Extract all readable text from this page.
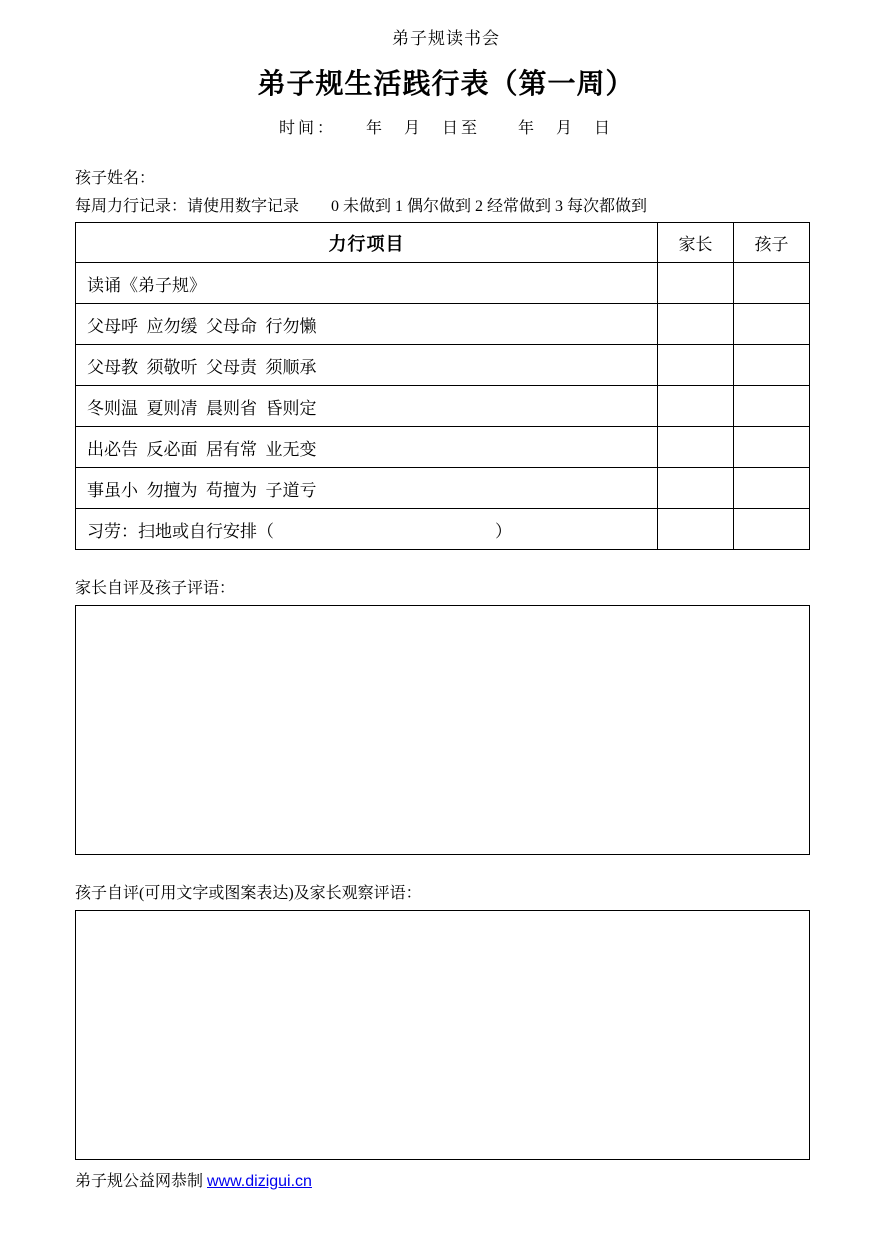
弟子规读书会
弟子规生活践行表（第一周）
时间：　　年　月　日至　　年　月　日
孩子姓名：
每周力行记录：请使用数字记录　　0 未做到 1 偶尔做到 2 经常做到 3 每次都做到
力行项目	家长	孩子
读诵《弟子规》		
父母呼  应勿缓  父母命  行勿懒		
父母教  须敬听  父母责  须顺承		
冬则温  夏则凊  晨则省  昏则定		
出必告  反必面  居有常  业无变		
事虽小  勿擅为  苟擅为  子道亏		
习劳：扫地或自行安排（　　　　　　　　　　　　　）		
家长自评及孩子评语：
孩子自评(可用文字或图案表达)及家长观察评语：
弟子规公益网恭制 www.dizigui.cn
